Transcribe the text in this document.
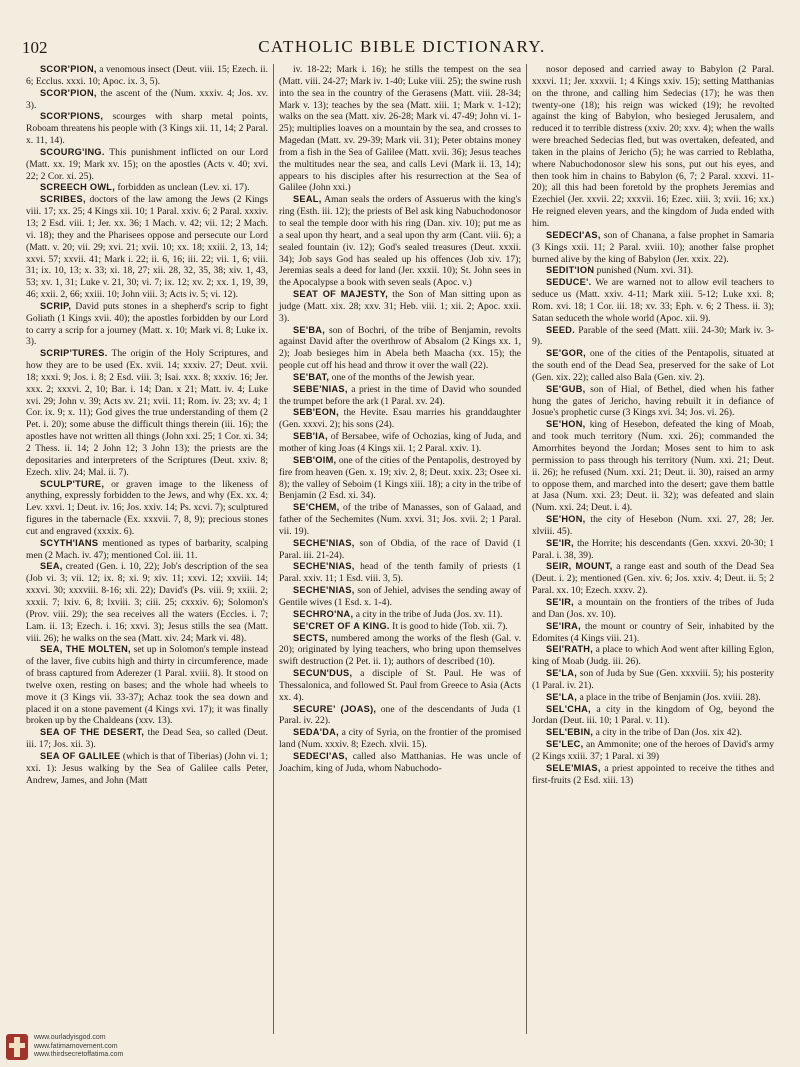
102	CATHOLIC BIBLE DICTIONARY.

SCOR'PION, a venomous insect (Deut. viii. 15; Ezech. ii. 6; Ecclus. xxxi. 10; Apoc. ix. 3, 5).

SCOR'PION, the ascent of the (Num. xxxiv. 4; Jos. xv. 3).

SCOR'PIONS, scourges with sharp metal points, Roboam threatens his people with (3 Kings xii. 11, 14; 2 Paral. x. 11, 14).

SCOURG'ING. This punishment inflicted on our Lord (Matt. xx. 19; Mark xv. 15); on the apostles (Acts v. 40; xvi. 22; 2 Cor. xi. 25).

SCREECH OWL, forbidden as unclean (Lev. xi. 17).

SCRIBES, doctors of the law among the Jews (2 Kings viii. 17; xx. 25; 4 Kings xii. 10; 1 Paral. xxiv. 6; 2 Paral. xxxiv. 13; 2 Esd. viii. 1; Jer. xx. 36; 1 Mach. v. 42; vii. 12; 2 Mach. vi. 18); they and the Pharisees oppose and persecute our Lord (Matt. v. 20; vii. 29; xvi. 21; xvii. 10; xx. 18; xxiii. 2, 13, 14; xxvi. 57; xxvii. 41; Mark i. 22; ii. 6, 16; iii. 22; vii. 1, 6; viii. 31; ix. 10, 13; x. 33; xi. 18, 27; xii. 28, 32, 35, 38; xiv. 1, 43, 53; xv. 1, 31; Luke v. 21, 30; vi. 7; ix. 12; xv. 2; xx. 1, 19, 39, 46; xxii. 2, 66; xxiii. 10; John viii. 3; Acts iv. 5; vi. 12).

SCRIP, David puts stones in a shepherd's scrip to fight Goliath (1 Kings xvii. 40); the apostles forbidden by our Lord to carry a scrip for a journey (Matt. x. 10; Mark vi. 8; Luke ix. 3).

SCRIP'TURES. The origin of the Holy Scriptures, and how they are to be used (Ex. xvii. 14; xxxiv. 27; Deut. xvii. 18; xxxi. 9; Jos. i. 8; 2 Esd. viii. 3; Isai. xxx. 8; xxxiv. 16; Jer. xxx. 2; xxxvi. 2, 10; Bar. i. 14; Dan. x 21; Matt. iv. 4; Luke xvi. 29; John v. 39; Acts xv. 21; xvii. 11; Rom. iv. 23; xv. 4; 1 Cor. ix. 9; x. 11); God gives the true understanding of them (2 Pet. i. 20); some abuse the difficult things therein (iii. 16); the apostles have not written all things (John xxi. 25; 1 Cor. xi. 34; 2 Thess. ii. 14; 2 John 12; 3 John 13); the priests are the depositaries and interpreters of the Scriptures (Deut. xxiv. 8; Ezech. xliv. 24; Mal. ii. 7).

SCULP'TURE, or graven image to the likeness of anything, expressly forbidden to the Jews, and why (Ex. xx. 4; Lev. xxvi. 1; Deut. iv. 16; Jos. xxiv. 14; Ps. xcvi. 7); sculptured figures in the tabernacle (Ex. xxxvii. 7, 8, 9); precious stones cut and engraved (xxxix. 6).

SCYTH'IANS mentioned as types of barbarity, scalping men (2 Mach. iv. 47); mentioned Col. iii. 11.

SEA, created (Gen. i. 10, 22); Job's description of the sea (Job vi. 3; vii. 12; ix. 8; xi. 9; xiv. 11; xxvi. 12; xxviii. 14; xxxvi. 30; xxxviii. 8-16; xli. 22); David's (Ps. viii. 9; xxiii. 2; xxxii. 7; lxiv. 6, 8; lxviii. 3; ciii. 25; cxxxiv. 6); Solomon's (Prov. viii. 29); the sea receives all the waters (Eccles. i. 7; Lam. ii. 13; Ezech. i. 16; xxvi. 3); Jesus stills the sea (Matt. viii. 26); he walks on the sea (Matt. xiv. 24; Mark vi. 48).

SEA, THE MOLTEN, set up in Solomon's temple instead of the laver, five cubits high and thirty in circumference, made of brass captured from Aderezer (1 Paral. xviii. 8). It stood on twelve oxen, resting on bases; and the whole had wheels to move it (3 Kings vii. 33-37); Achaz took the sea down and placed it on a stone pavement (4 Kings xvi. 17); it was finally broken up by the Chaldeans (xxv. 13).

SEA OF THE DESERT, the Dead Sea, so called (Deut. iii. 17; Jos. xii. 3).

SEA OF GALILEE (which is that of Tiberias) (John vi. 1; xxi. 1): Jesus walking by the Sea of Galilee calls Peter, Andrew, James, and John (Matt

iv. 18-22; Mark i. 16); he stills the tempest on the sea (Matt. viii. 24-27; Mark iv. 1-40; Luke viii. 25); the swine rush into the sea in the country of the Gerasens (Matt. viii. 28-34; Mark v. 13); teaches by the sea (Matt. xiii. 1; Mark v. 1-12); walks on the sea (Matt. xiv. 26-28; Mark vi. 47-49; John vi. 1-25); multiplies loaves on a mountain by the sea, and crosses to Magedan (Matt. xv. 29-39; Mark vii. 31); Peter obtains money from a fish in the Sea of Galilee (Matt. xvii. 36); Jesus teaches the multitudes near the sea, and calls Levi (Mark ii. 13, 14); appears to his disciples after his resurrection at the Sea of Galilee (John xxi.)

SEAL, Aman seals the orders of Assuerus with the king's ring (Esth. iii. 12); the priests of Bel ask king Nabuchodonosor to seal the temple door with his ring (Dan. xiv. 10); put me as a seal upon thy heart, and a seal upon thy arm (Cant. viii. 6); a sealed fountain (iv. 12); God's sealed treasures (Deut. xxxii. 34); Job says God has sealed up his offences (Job xiv. 17); Jeremias seals a deed for land (Jer. xxxii. 10); St. John sees in the Apocalypse a book with seven seals (Apoc. v.)

SEAT OF MAJESTY, the Son of Man sitting upon as judge (Matt. xix. 28; xxv. 31; Heb. viii. 1; xii. 2; Apoc. xxii. 3).

SE'BA, son of Bochri, of the tribe of Benjamin, revolts against David after the overthrow of Absalom (2 Kings xx. 1, 2); Joab besieges him in Abela beth Maacha (xx. 15); the people cut off his head and throw it over the wall (22).

SE'BAT, one of the months of the Jewish year.

SEBE'NIAS, a priest in the time of David who sounded the trumpet before the ark (1 Paral. xv. 24).

SEB'EON, the Hevite. Esau marries his granddaughter (Gen. xxxvi. 2); his sons (24).

SEB'IA, of Bersabee, wife of Ochozias, king of Juda, and mother of king Joas (4 Kings xii. 1; 2 Paral. xxiv. 1).

SEB'OIM, one of the cities of the Pentapolis, destroyed by fire from heaven (Gen. x. 19; xiv. 2, 8; Deut. xxix. 23; Osee xi. 8); the valley of Seboim (1 Kings xiii. 18); a city in the tribe of Benjamin (2 Esd. xi. 34).

SE'CHEM, of the tribe of Manasses, son of Galaad, and father of the Sechemites (Num. xxvi. 31; Jos. xvii. 2; 1 Paral. vii. 19).

SECHE'NIAS, son of Obdia, of the race of David (1 Paral. iii. 21-24).

SECHE'NIAS, head of the tenth family of priests (1 Paral. xxiv. 11; 1 Esd. viii. 3, 5).

SECHE'NIAS, son of Jehiel, advises the sending away of Gentile wives (1 Esd. x. 1-4).

SECHRO'NA, a city in the tribe of Juda (Jos. xv. 11).

SE'CRET OF A KING. It is good to hide (Tob. xii. 7).

SECTS, numbered among the works of the flesh (Gal. v. 20); originated by lying teachers, who bring upon themselves swift destruction (2 Pet. ii. 1); authors of described (10).

SECUN'DUS, a disciple of St. Paul. He was of Thessalonica, and followed St. Paul from Greece to Asia (Acts xx. 4).

SECURE' (JOAS), one of the descendants of Juda (1 Paral. iv. 22).

SEDA'DA, a city of Syria, on the frontier of the promised land (Num. xxxiv. 8; Ezech. xlvii. 15).

SEDECI'AS, called also Matthanias. He was uncle of Joachim, king of Juda, whom Nabuchodo-

nosor deposed and carried away to Babylon (2 Paral. xxxvi. 11; Jer. xxxvii. 1; 4 Kings xxiv. 15); setting Matthanias on the throne, and calling him Sedecias (17); he was then twenty-one (18); his reign was wicked (19); he revolted against the king of Babylon, who besieged Jerusalem, and reduced it to terrible distress (xxiv. 20; xxv. 4); when the walls were breached Sedecias fled, but was overtaken, defeated, and taken in the plains of Jericho (5); he was carried to Reblatha, where Nabuchodonosor slew his sons, put out his eyes, and then took him in chains to Babylon (6, 7; 2 Paral. xxxvi. 11-20); all this had been foretold by the prophets Jeremias and Ezechiel (Jer. xxvii. 22; xxxvii. 16; Ezec. xiii. 3; xvii. 16; xx.) He reigned eleven years, and the kingdom of Juda ended with him.

SEDECI'AS, son of Chanana, a false prophet in Samaria (3 Kings xxii. 11; 2 Paral. xviii. 10); another false prophet burned alive by the king of Babylon (Jer. xxix. 22).

SEDIT'ION punished (Num. xvi. 31).

SEDUCE'. We are warned not to allow evil teachers to seduce us (Matt. xxiv. 4-11; Mark xiii. 5-12; Luke xxi. 8; Rom. xvi. 18; 1 Cor. iii. 18; xv. 33; Eph. v. 6; 2 Thess. ii. 3); Satan seduceth the whole world (Apoc. xii. 9).

SEED. Parable of the seed (Matt. xiii. 24-30; Mark iv. 3-9).

SE'GOR, one of the cities of the Pentapolis, situated at the south end of the Dead Sea, preserved for the sake of Lot (Gen. xix. 22); called also Bala (Gen. xiv. 2).

SE'GUB, son of Hial, of Bethel, died when his father hung the gates of Jericho, having rebuilt it in defiance of Josue's prophetic curse (3 Kings xvi. 34; Jos. vi. 26).

SE'HON, king of Hesebon, defeated the king of Moab, and took much territory (Num. xxi. 26); commanded the Amorrhites beyond the Jordan; Moses sent to him to ask permission to pass through his territory (Num. xxi. 21; Deut. ii. 26); he refused (Num. xxi. 21; Deut. ii. 30), raised an army to oppose them, and marched into the desert; gave them battle at Jasa (Num. xxi. 23; Deut. ii. 32); was defeated and slain (Num. xxi. 24; Deut. i. 4).

SE'HON, the city of Hesebon (Num. xxi. 27, 28; Jer. xlviii. 45).

SE'IR, the Horrite; his descendants (Gen. xxxvi. 20-30; 1 Paral. i. 38, 39).

SEIR, MOUNT, a range east and south of the Dead Sea (Deut. i. 2); mentioned (Gen. xiv. 6; Jos. xxiv. 4; Deut. ii. 5; 2 Paral. xx. 10; Ezech. xxxv. 2).

SE'IR, a mountain on the frontiers of the tribes of Juda and Dan (Jos. xv. 10).

SE'IRA, the mount or country of Seir, inhabited by the Edomites (4 Kings viii. 21).

SEI'RATH, a place to which Aod went after killing Eglon, king of Moab (Judg. iii. 26).

SE'LA, son of Juda by Sue (Gen. xxxviii. 5); his posterity (1 Paral. iv. 21).

SE'LA, a place in the tribe of Benjamin (Jos. xviii. 28).

SEL'CHA, a city in the kingdom of Og, beyond the Jordan (Deut. iii. 10; 1 Paral. v. 11).

SEL'EBIN, a city in the tribe of Dan (Jos. xix 42).

SE'LEC, an Ammonite; one of the heroes of David's army (2 Kings xxiii. 37; 1 Paral. xi 39)

SELE'MIAS, a priest appointed to receive the tithes and first-fruits (2 Esd. xiii. 13)

www.ourladyisgod.com
www.fatimamovement.com
www.thirdsecretoffatima.com
